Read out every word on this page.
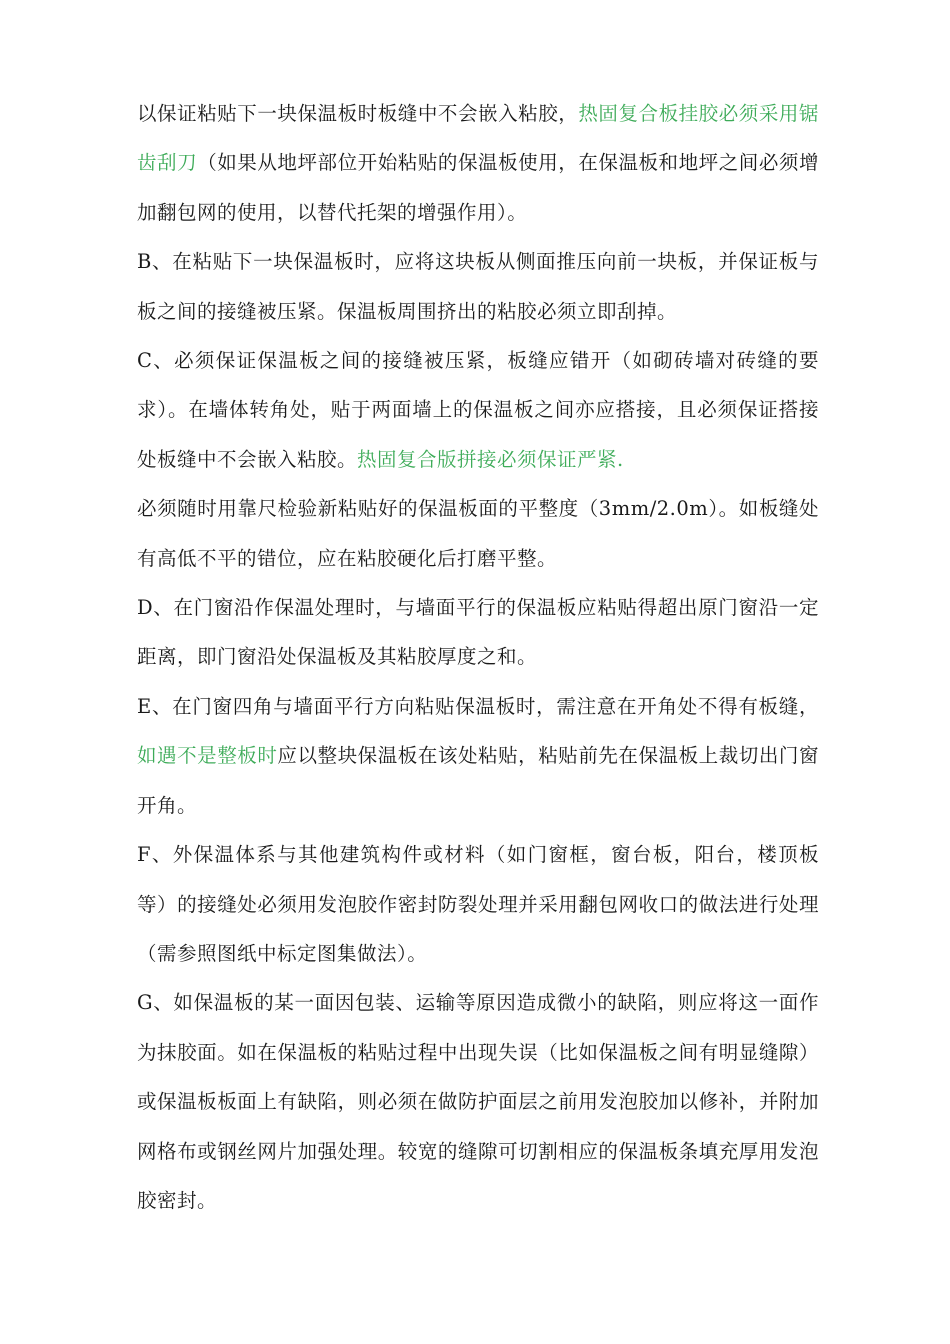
以保证粘贴下一块保温板时板缝中不会嵌入粘胶，热固复合板挂胶必须采用锯齿刮刀（如果从地坪部位开始粘贴的保温板使用，在保温板和地坪之间必须增加翻包网的使用，以替代托架的增强作用）。

B、在粘贴下一块保温板时，应将这块板从侧面推压向前一块板，并保证板与板之间的接缝被压紧。保温板周围挤出的粘胶必须立即刮掉。

C、必须保证保温板之间的接缝被压紧，板缝应错开（如砌砖墙对砖缝的要求）。在墙体转角处，贴于两面墙上的保温板之间亦应搭接，且必须保证搭接处板缝中不会嵌入粘胶。热固复合版拼接必须保证严紧.

必须随时用靠尺检验新粘贴好的保温板面的平整度（3mm/2.0m）。如板缝处有高低不平的错位，应在粘胶硬化后打磨平整。

D、在门窗沿作保温处理时，与墙面平行的保温板应粘贴得超出原门窗沿一定距离，即门窗沿处保温板及其粘胶厚度之和。

E、在门窗四角与墙面平行方向粘贴保温板时，需注意在开角处不得有板缝，如遇不是整板时应以整块保温板在该处粘贴，粘贴前先在保温板上裁切出门窗开角。

F、外保温体系与其他建筑构件或材料（如门窗框，窗台板，阳台，楼顶板等）的接缝处必须用发泡胶作密封防裂处理并采用翻包网收口的做法进行处理（需参照图纸中标定图集做法）。

G、如保温板的某一面因包装、运输等原因造成微小的缺陷，则应将这一面作为抹胶面。如在保温板的粘贴过程中出现失误（比如保温板之间有明显缝隙）或保温板板面上有缺陷，则必须在做防护面层之前用发泡胶加以修补，并附加网格布或钢丝网片加强处理。较宽的缝隙可切割相应的保温板条填充厚用发泡胶密封。
